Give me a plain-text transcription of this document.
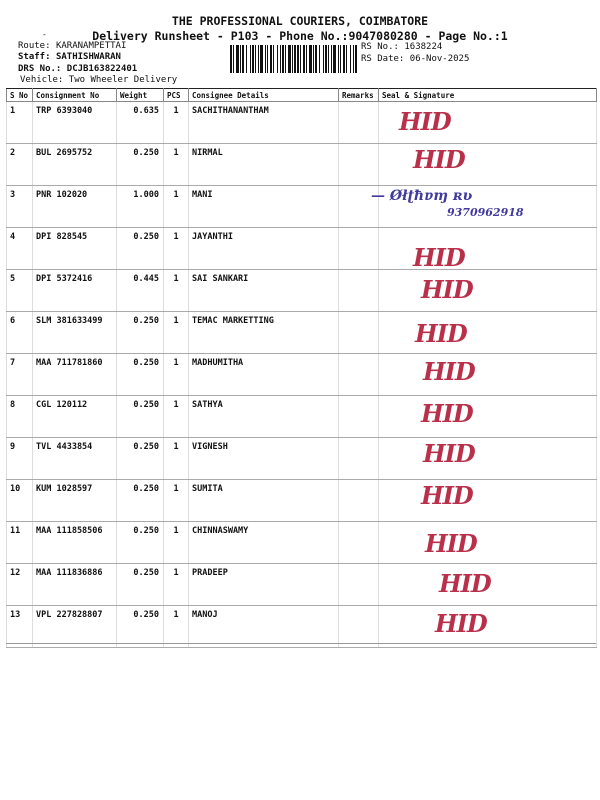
THE PROFESSIONAL COURIERS, COIMBATORE
Delivery Runsheet - P103 - Phone No.:9047080280 - Page No.:1
-
Route: KARANAMPETTAI
Staff: SATHISHWARAN
DRS No.: DCJB163822401
Vehicle: Two Wheeler Delivery
RS No.: 1638224
RS Date: 06-Nov-2025
S No	Consignment No	Weight	PCS	Consignee Details	Remarks	Seal & Signature
1	TRP 6393040	0.635	1	SACHITHANANTHAM		HID

2	BUL 2695752	0.250	1	NIRMAL		HID

3	PNR 102020	1.000	1	MANI		— Øłʈħɐɱ ʀʋ
9370962918

4	DPI 828545	0.250	1	JAYANTHI		HID

5	DPI 5372416	0.445	1	SAI SANKARI		HID

6	SLM 381633499	0.250	1	TEMAC MARKETTING		HID

7	MAA 711781860	0.250	1	MADHUMITHA		HID

8	CGL 120112	0.250	1	SATHYA		HID

9	TVL 4433854	0.250	1	VIGNESH		HID

10	KUM 1028597	0.250	1	SUMITA		HID

11	MAA 111858506	0.250	1	CHINNASWAMY		HID

12	MAA 111836886	0.250	1	PRADEEP		HID

13	VPL 227828807	0.250	1	MANOJ		HID
